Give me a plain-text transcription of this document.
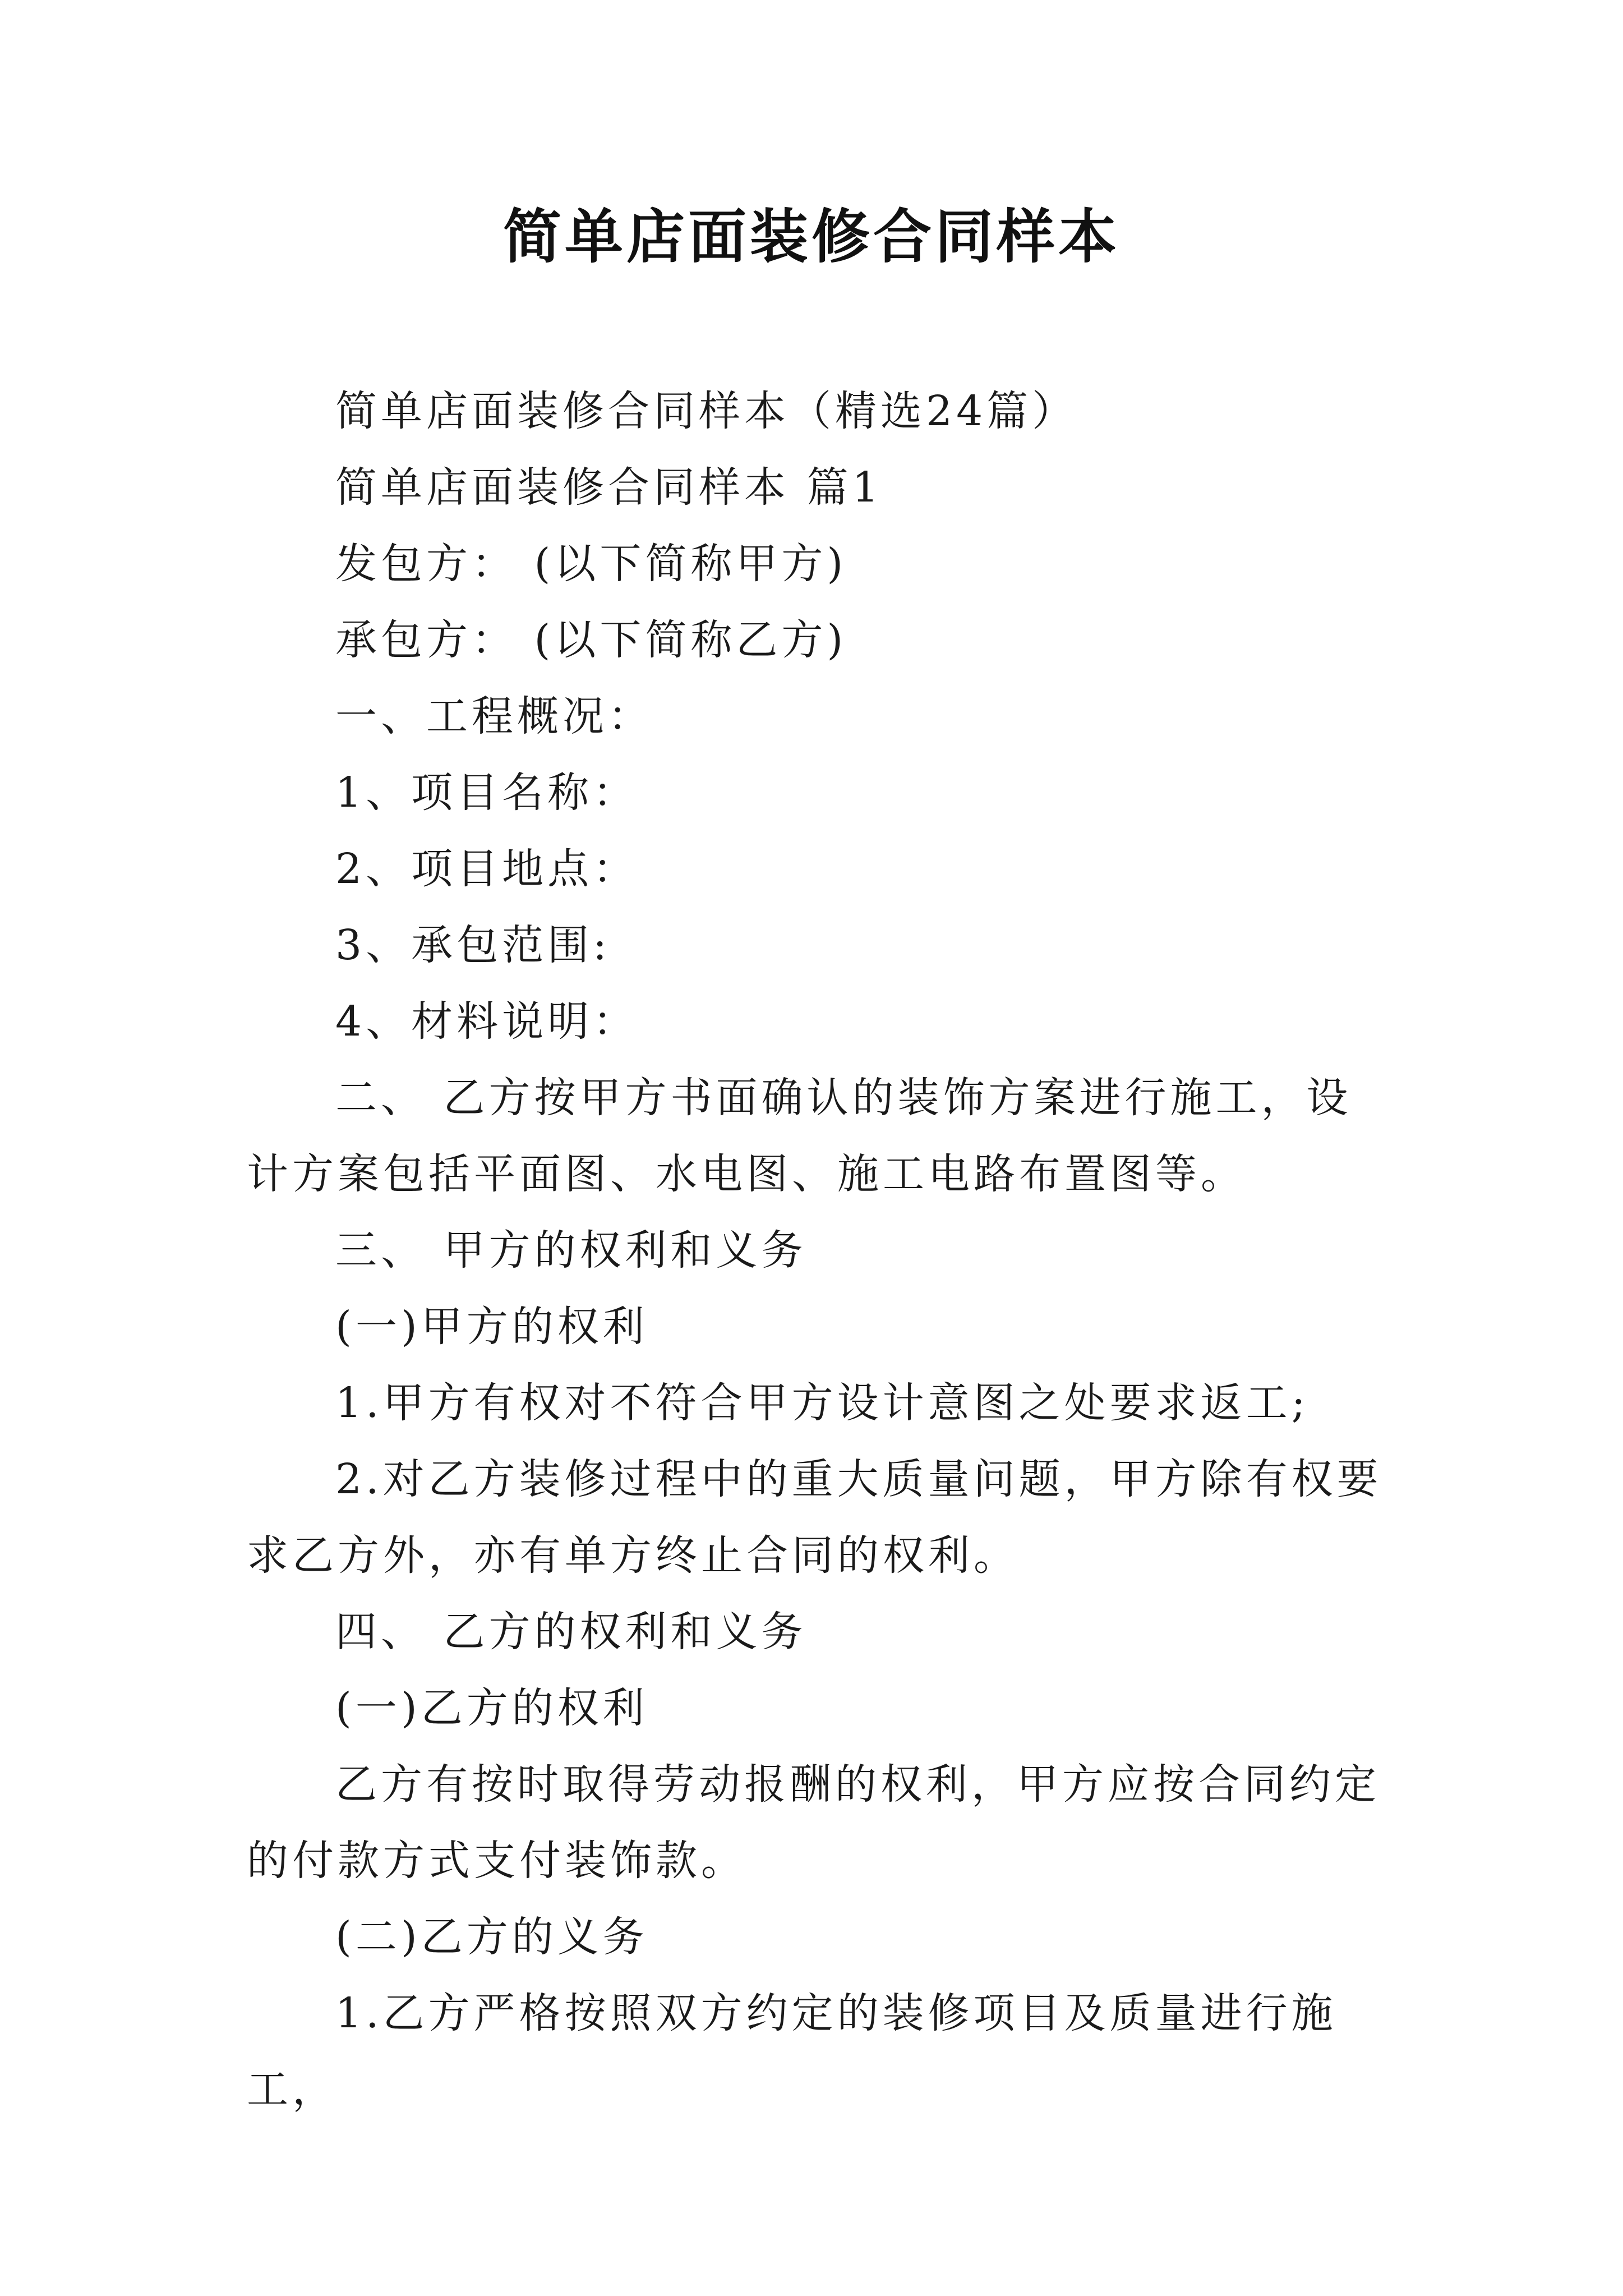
简单店面装修合同样本

简单店面装修合同样本（精选24篇）

简单店面装修合同样本 篇1

发包方： (以下简称甲方)

承包方： (以下简称乙方)

一、工程概况：

1、项目名称：

2、项目地点：

3、承包范围:

4、材料说明：

二、 乙方按甲方书面确认的装饰方案进行施工，设计方案包括平面图、水电图、施工电路布置图等。

三、 甲方的权利和义务

(一)甲方的权利

1.甲方有权对不符合甲方设计意图之处要求返工;

2.对乙方装修过程中的重大质量问题，甲方除有权要求乙方外，亦有单方终止合同的权利。

四、 乙方的权利和义务

(一)乙方的权利

乙方有按时取得劳动报酬的权利，甲方应按合同约定的付款方式支付装饰款。

(二)乙方的义务

1.乙方严格按照双方约定的装修项目及质量进行施工，
